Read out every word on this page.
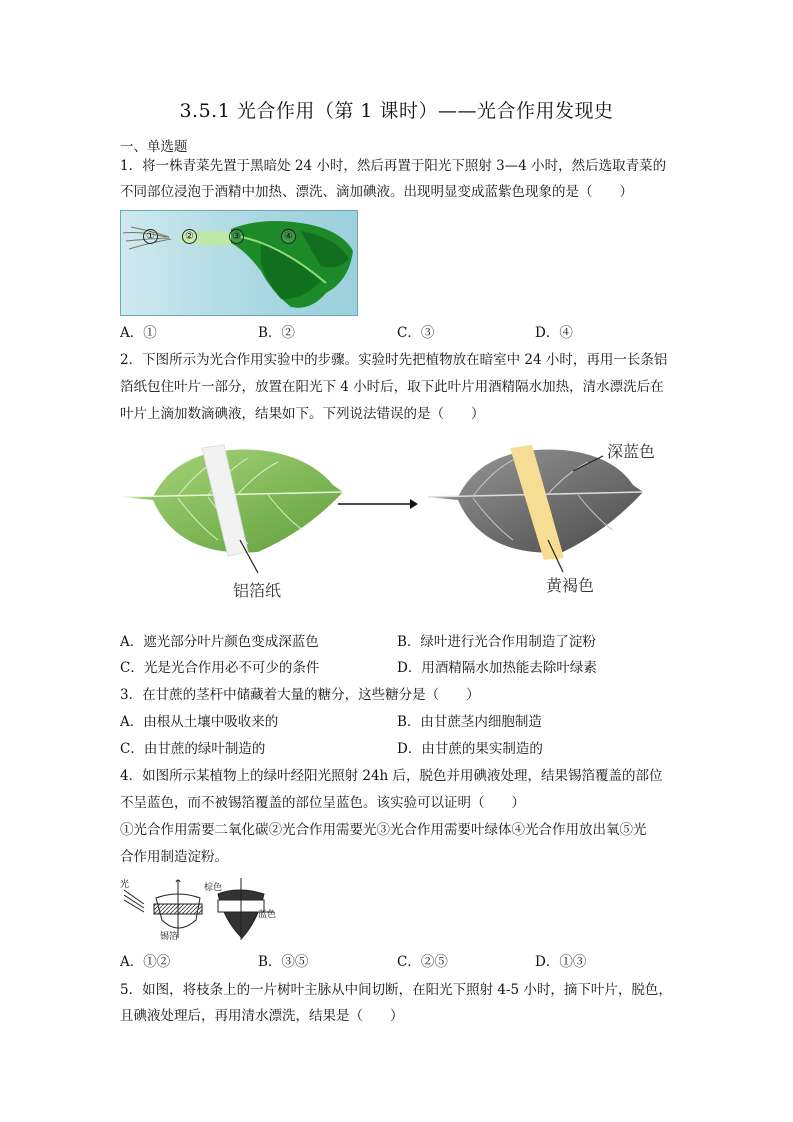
3.5.1 光合作用（第 1 课时）——光合作用发现史
一、单选题
1．将一株青菜先置于黑暗处 24 小时，然后再置于阳光下照射 3—4 小时，然后选取青菜的
不同部位浸泡于酒精中加热、漂洗、滴加碘液。出现明显变成蓝紫色现象的是（　　）
①	②	③	④
A．①	B．②	C．③	D．④
2．下图所示为光合作用实验中的步骤。实验时先把植物放在暗室中 24 小时，再用一长条铝
箔纸包住叶片一部分，放置在阳光下 4 小时后，取下此叶片用酒精隔水加热，清水漂洗后在
叶片上滴加数滴碘液，结果如下。下列说法错误的是（　　）
铝箔纸
深蓝色
黄褐色
A．遮光部分叶片颜色变成深蓝色	B．绿叶进行光合作用制造了淀粉
C．光是光合作用必不可少的条件	D．用酒精隔水加热能去除叶绿素
3．在甘蔗的茎杆中储藏着大量的糖分，这些糖分是（　　）
A．由根从土壤中吸收来的	B．由甘蔗茎内细胞制造
C．由甘蔗的绿叶制造的	D．由甘蔗的果实制造的
4．如图所示某植物上的绿叶经阳光照射 24h 后，脱色并用碘液处理，结果锡箔覆盖的部位
不呈蓝色，而不被锡箔覆盖的部位呈蓝色。该实验可以证明（　　）
①光合作用需要二氧化碳②光合作用需要光③光合作用需要叶绿体④光合作用放出氧⑤光
合作用制造淀粉。
光
锡箔
棕色
蓝色
A．①②	B．③⑤	C．②⑤	D．①③
5．如图，将枝条上的一片树叶主脉从中间切断，在阳光下照射 4-5 小时，摘下叶片，脱色，
且碘液处理后，再用清水漂洗，结果是（　　）
